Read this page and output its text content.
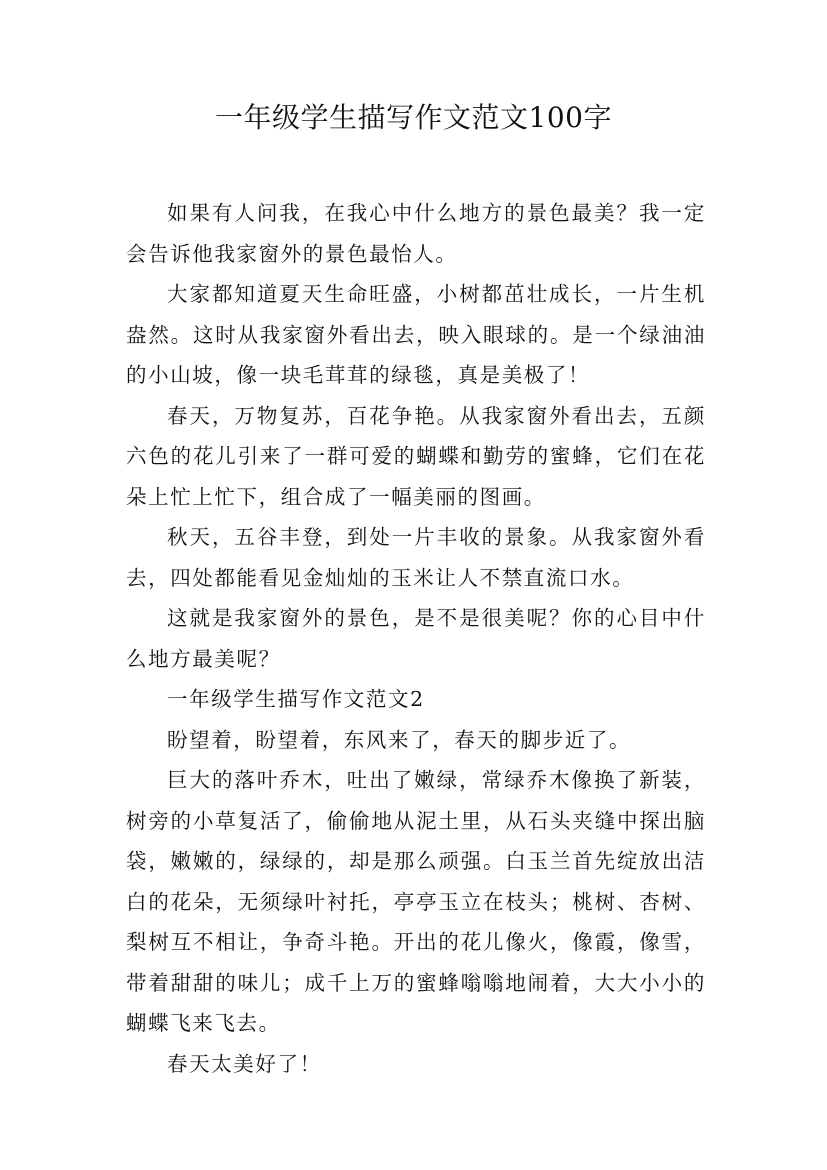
一年级学生描写作文范文100字

如果有人问我，在我心中什么地方的景色最美？我一定会告诉他我家窗外的景色最怡人。

大家都知道夏天生命旺盛，小树都茁壮成长，一片生机盎然。这时从我家窗外看出去，映入眼球的。是一个绿油油的小山坡，像一块毛茸茸的绿毯，真是美极了！

春天，万物复苏，百花争艳。从我家窗外看出去，五颜六色的花儿引来了一群可爱的蝴蝶和勤劳的蜜蜂，它们在花朵上忙上忙下，组合成了一幅美丽的图画。

秋天，五谷丰登，到处一片丰收的景象。从我家窗外看去，四处都能看见金灿灿的玉米让人不禁直流口水。

这就是我家窗外的景色，是不是很美呢？你的心目中什么地方最美呢？

一年级学生描写作文范文2

盼望着，盼望着，东风来了，春天的脚步近了。

巨大的落叶乔木，吐出了嫩绿，常绿乔木像换了新装，树旁的小草复活了，偷偷地从泥土里，从石头夹缝中探出脑袋，嫩嫩的，绿绿的，却是那么顽强。白玉兰首先绽放出洁白的花朵，无须绿叶衬托，亭亭玉立在枝头；桃树、杏树、梨树互不相让，争奇斗艳。开出的花儿像火，像霞，像雪，带着甜甜的味儿；成千上万的蜜蜂嗡嗡地闹着，大大小小的蝴蝶飞来飞去。

春天太美好了！
